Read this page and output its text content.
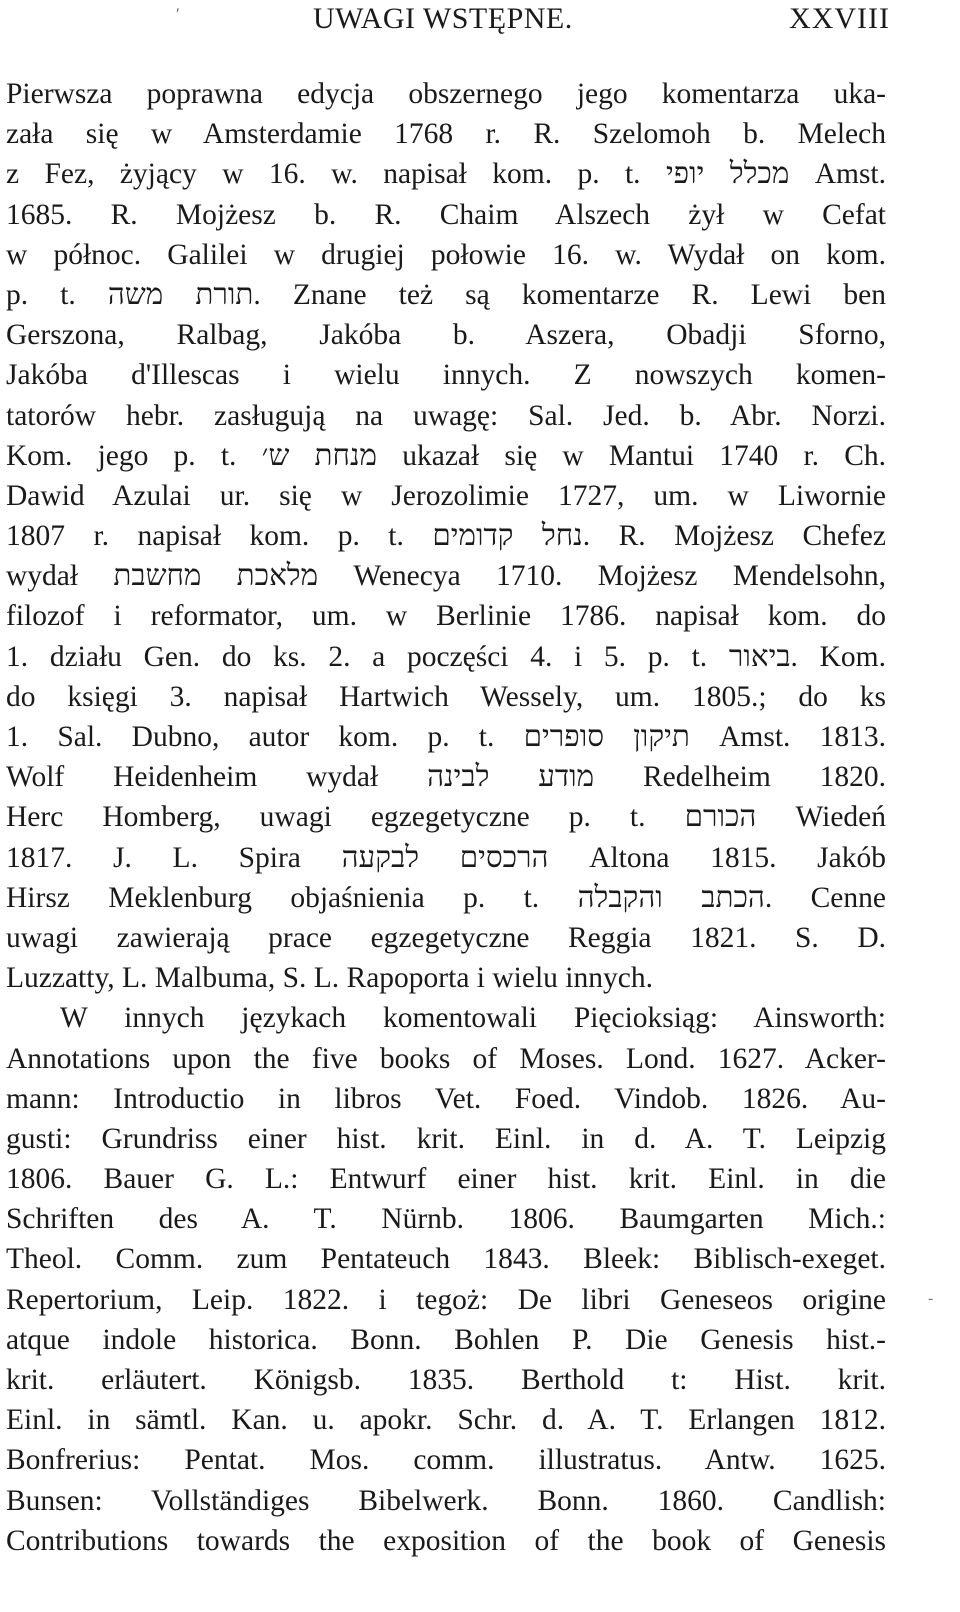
′	UWAGI WSTĘPNE.	XXVIII
Pierwsza poprawna edycja obszernego jego komentarza uka-
zała się w Amsterdamie 1768 r. R. Szelomoh b. Melech
z Fez, żyjący w 16. w. napisał kom. p. t. מכלל יופי Amst.
1685. R. Mojżesz b. R. Chaim Alszech żył w Cefat
w północ. Galilei w drugiej połowie 16. w. Wydał on kom.
p. t. תורת משה. Znane też są komentarze R. Lewi ben
Gerszona, Ralbag, Jakóba b. Aszera, Obadji Sforno,
Jakóba d'Illescas i wielu innych. Z nowszych komen-
tatorów hebr. zasługują na uwagę: Sal. Jed. b. Abr. Norzi.
Kom. jego p. t. מנחת ש׳ ukazał się w Mantui 1740 r. Ch.
Dawid Azulai ur. się w Jerozolimie 1727, um. w Liwornie
1807 r. napisał kom. p. t. נחל קדומים. R. Mojżesz Chefez
wydał מלאכת מחשבת Wenecya 1710. Mojżesz Mendelsohn,
filozof i reformator, um. w Berlinie 1786. napisał kom. do
1. działu Gen. do ks. 2. a poczęści 4. i 5. p. t. ביאור. Kom.
do księgi 3. napisał Hartwich Wessely, um. 1805.; do ks
1. Sal. Dubno, autor kom. p. t. תיקון סופרים Amst. 1813.
Wolf Heidenheim wydał מודע לבינה Redelheim 1820.
Herc Homberg, uwagi egzegetyczne p. t. הכורם Wiedeń
1817. J. L. Spira הרכסים לבקעה Altona 1815. Jakób
Hirsz Meklenburg objaśnienia p. t. הכתב והקבלה. Cenne
uwagi zawierają prace egzegetyczne Reggia 1821. S. D.
Luzzatty, L. Malbuma, S. L. Rapoporta i wielu innych.
W innych językach komentowali Pięcioksiąg: Ainsworth:
Annotations upon the five books of Moses. Lond. 1627. Acker-
mann: Introductio in libros Vet. Foed. Vindob. 1826. Au-
gusti: Grundriss einer hist. krit. Einl. in d. A. T. Leipzig
1806. Bauer G. L.: Entwurf einer hist. krit. Einl. in die
Schriften des A. T. Nürnb. 1806. Baumgarten Mich.:
Theol. Comm. zum Pentateuch 1843. Bleek: Biblisch-exeget.
Repertorium, Leip. 1822. i tegoż: De libri Geneseos origine
atque indole historica. Bonn. Bohlen P. Die Genesis hist.-
krit. erläutert. Königsb. 1835. Berthold t: Hist. krit.
Einl. in sämtl. Kan. u. apokr. Schr. d. A. T. Erlangen 1812.
Bonfrerius: Pentat. Mos. comm. illustratus. Antw. 1625.
Bunsen: Vollständiges Bibelwerk. Bonn. 1860. Candlish:
Contributions towards the exposition of the book of Genesis
-
